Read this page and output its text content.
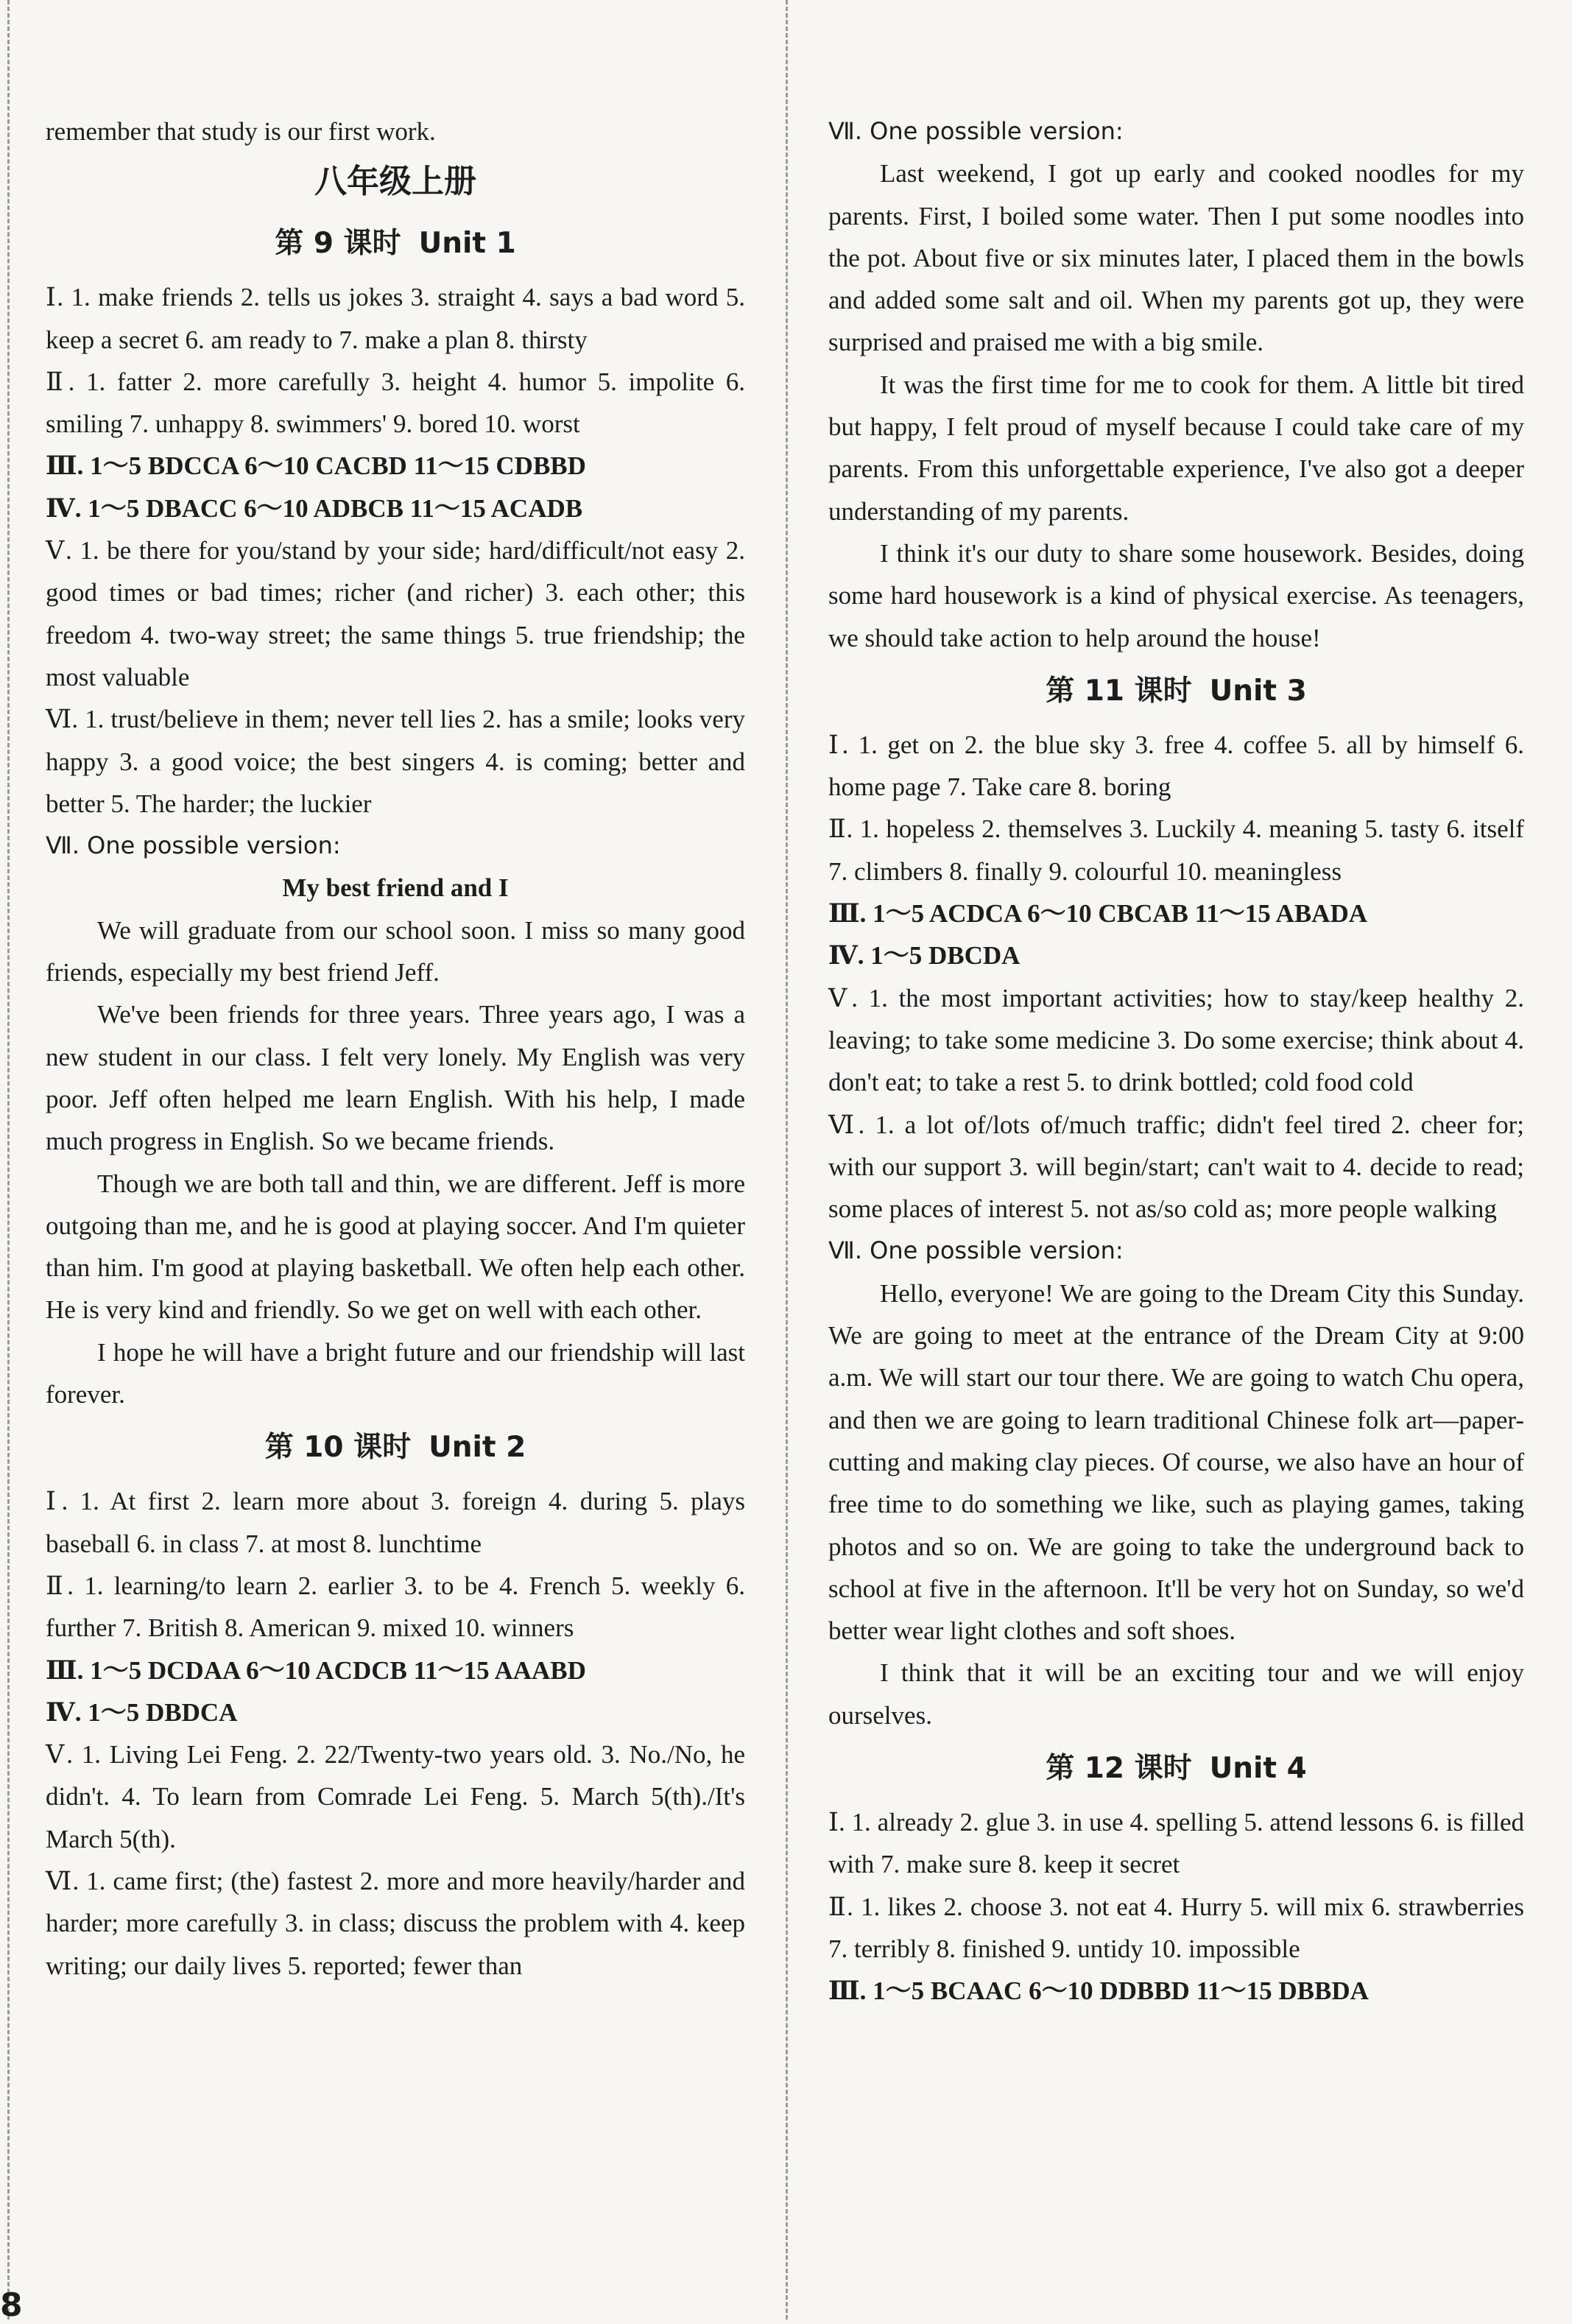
remember that study is our first work.

八年级上册

第 9 课时 Unit 1

Ⅰ. 1. make friends 2. tells us jokes 3. straight 4. says a bad word 5. keep a secret 6. am ready to 7. make a plan 8. thirsty

Ⅱ. 1. fatter 2. more carefully 3. height 4. humor 5. impolite 6. smiling 7. unhappy 8. swimmers' 9. bored 10. worst

Ⅲ. 1～5 BDCCA 6～10 CACBD 11～15 CDBBD

Ⅳ. 1～5 DBACC 6～10 ADBCB 11～15 ACADB

Ⅴ. 1. be there for you/stand by your side; hard/difficult/not easy 2. good times or bad times; richer (and richer) 3. each other; this freedom 4. two-way street; the same things 5. true friendship; the most valuable

Ⅵ. 1. trust/believe in them; never tell lies 2. has a smile; looks very happy 3. a good voice; the best singers 4. is coming; better and better 5. The harder; the luckier

Ⅶ. One possible version:

My best friend and I

We will graduate from our school soon. I miss so many good friends, especially my best friend Jeff.

We've been friends for three years. Three years ago, I was a new student in our class. I felt very lonely. My English was very poor. Jeff often helped me learn English. With his help, I made much progress in English. So we became friends.

Though we are both tall and thin, we are different. Jeff is more outgoing than me, and he is good at playing soccer. And I'm quieter than him. I'm good at playing basketball. We often help each other. He is very kind and friendly. So we get on well with each other.

I hope he will have a bright future and our friendship will last forever.

第 10 课时 Unit 2

Ⅰ. 1. At first 2. learn more about 3. foreign 4. during 5. plays baseball 6. in class 7. at most 8. lunchtime

Ⅱ. 1. learning/to learn 2. earlier 3. to be 4. French 5. weekly 6. further 7. British 8. American 9. mixed 10. winners

Ⅲ. 1～5 DCDAA 6～10 ACDCB 11～15 AAABD

Ⅳ. 1～5 DBDCA

Ⅴ. 1. Living Lei Feng. 2. 22/Twenty-two years old. 3. No./No, he didn't. 4. To learn from Comrade Lei Feng. 5. March 5(th)./It's March 5(th).

Ⅵ. 1. came first; (the) fastest 2. more and more heavily/harder and harder; more carefully 3. in class; discuss the problem with 4. keep writing; our daily lives 5. reported; fewer than

Ⅶ. One possible version:

Last weekend, I got up early and cooked noodles for my parents. First, I boiled some water. Then I put some noodles into the pot. About five or six minutes later, I placed them in the bowls and added some salt and oil. When my parents got up, they were surprised and praised me with a big smile.

It was the first time for me to cook for them. A little bit tired but happy, I felt proud of myself because I could take care of my parents. From this unforgettable experience, I've also got a deeper understanding of my parents.

I think it's our duty to share some housework. Besides, doing some hard housework is a kind of physical exercise. As teenagers, we should take action to help around the house!

第 11 课时 Unit 3

Ⅰ. 1. get on 2. the blue sky 3. free 4. coffee 5. all by himself 6. home page 7. Take care 8. boring

Ⅱ. 1. hopeless 2. themselves 3. Luckily 4. meaning 5. tasty 6. itself 7. climbers 8. finally 9. colourful 10. meaningless

Ⅲ. 1～5 ACDCA 6～10 CBCAB 11～15 ABADA

Ⅳ. 1～5 DBCDA

Ⅴ. 1. the most important activities; how to stay/keep healthy 2. leaving; to take some medicine 3. Do some exercise; think about 4. don't eat; to take a rest 5. to drink bottled; cold food cold

Ⅵ. 1. a lot of/lots of/much traffic; didn't feel tired 2. cheer for; with our support 3. will begin/start; can't wait to 4. decide to read; some places of interest 5. not as/so cold as; more people walking

Ⅶ. One possible version:

Hello, everyone! We are going to the Dream City this Sunday. We are going to meet at the entrance of the Dream City at 9:00 a.m. We will start our tour there. We are going to watch Chu opera, and then we are going to learn traditional Chinese folk art—paper-cutting and making clay pieces. Of course, we also have an hour of free time to do something we like, such as playing games, taking photos and so on. We are going to take the underground back to school at five in the afternoon. It'll be very hot on Sunday, so we'd better wear light clothes and soft shoes.

I think that it will be an exciting tour and we will enjoy ourselves.

第 12 课时 Unit 4

Ⅰ. 1. already 2. glue 3. in use 4. spelling 5. attend lessons 6. is filled with 7. make sure 8. keep it secret

Ⅱ. 1. likes 2. choose 3. not eat 4. Hurry 5. will mix 6. strawberries 7. terribly 8. finished 9. untidy 10. impossible

Ⅲ. 1～5 BCAAC 6～10 DDBBD 11～15 DBBDA

8
